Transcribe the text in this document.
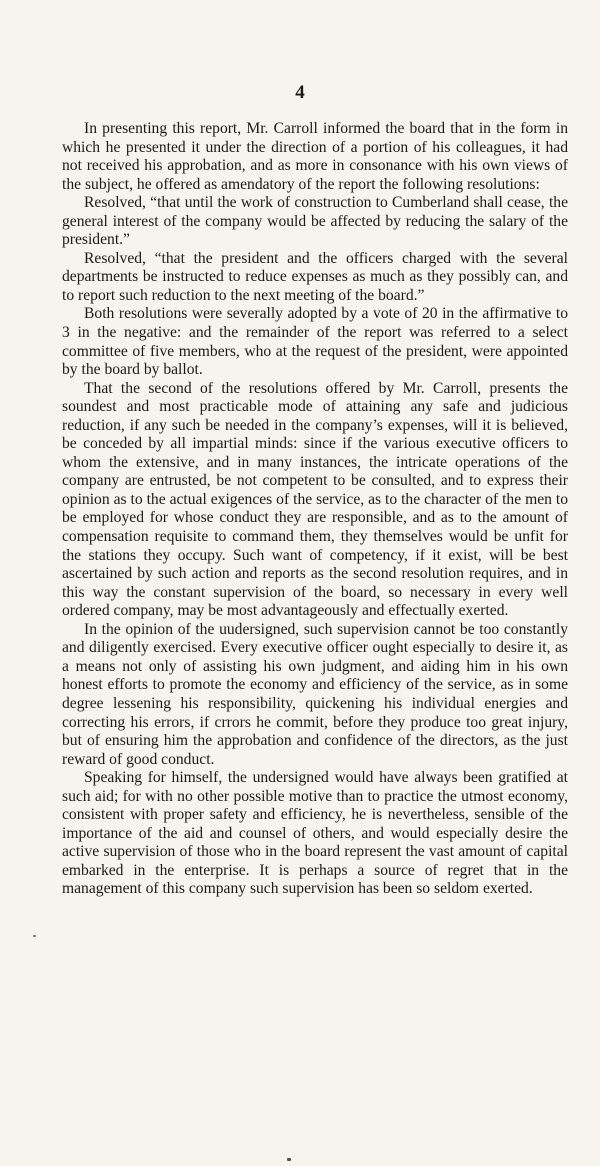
4

In presenting this report, Mr. Carroll informed the board that in the form in which he presented it under the direction of a portion of his colleagues, it had not received his approbation, and as more in consonance with his own views of the subject, he offered as amendatory of the report the following resolutions:

Resolved, “that until the work of construction to Cumberland shall cease, the general interest of the company would be affected by reducing the salary of the president.”

Resolved, “that the president and the officers charged with the several departments be instructed to reduce expenses as much as they possibly can, and to report such reduction to the next meeting of the board.”

Both resolutions were severally adopted by a vote of 20 in the affirmative to 3 in the negative: and the remainder of the report was referred to a select committee of five members, who at the request of the president, were appointed by the board by ballot.

That the second of the resolutions offered by Mr. Carroll, presents the soundest and most practicable mode of attaining any safe and judicious reduction, if any such be needed in the company’s expenses, will it is believed, be conceded by all impartial minds: since if the various executive officers to whom the extensive, and in many instances, the intricate operations of the company are entrusted, be not competent to be consulted, and to express their opinion as to the actual exigences of the service, as to the character of the men to be employed for whose conduct they are responsible, and as to the amount of compensation requisite to command them, they themselves would be unfit for the stations they occupy. Such want of competency, if it exist, will be best ascertained by such action and reports as the second resolution requires, and in this way the constant supervision of the board, so necessary in every well ordered company, may be most advantageously and effectually exerted.

In the opinion of the uudersigned, such supervision cannot be too constantly and diligently exercised. Every executive officer ought especially to desire it, as a means not only of assisting his own judgment, and aiding him in his own honest efforts to promote the economy and efficiency of the service, as in some degree lessening his responsibility, quickening his individual energies and correcting his errors, if crrors he commit, before they produce too great injury, but of ensuring him the approbation and confidence of the directors, as the just reward of good conduct.

Speaking for himself, the undersigned would have always been gratified at such aid; for with no other possible motive than to practice the utmost economy, consistent with proper safety and efficiency, he is nevertheless, sensible of the importance of the aid and counsel of others, and would especially desire the active supervision of those who in the board represent the vast amount of capital embarked in the enterprise. It is perhaps a source of regret that in the management of this company such supervision has been so seldom exerted.
